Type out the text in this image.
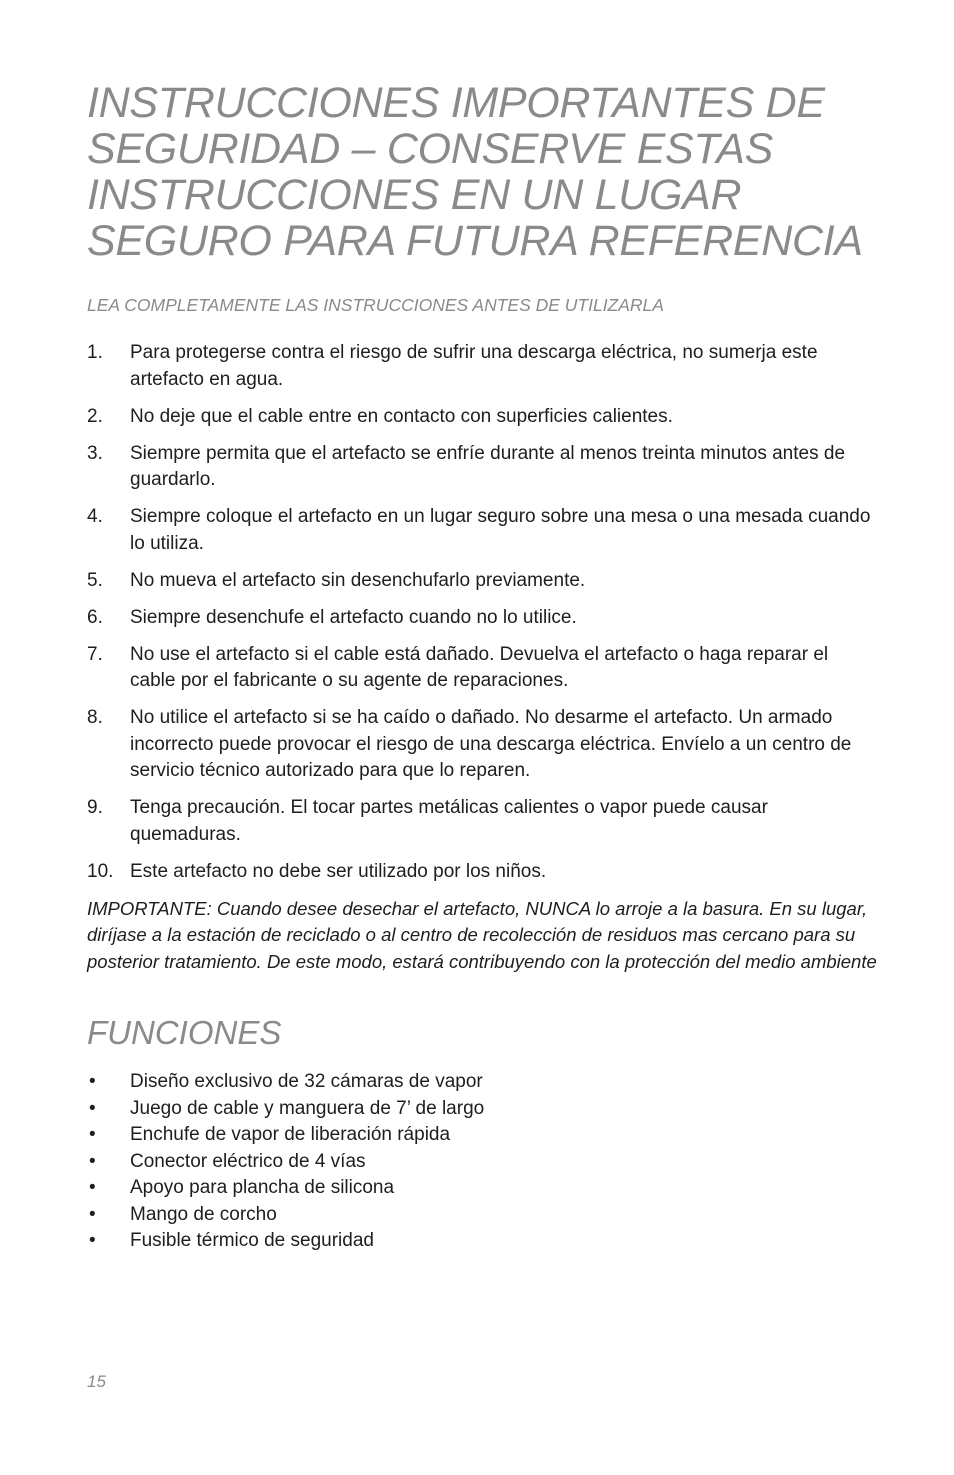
INSTRUCCIONES IMPORTANTES DE SEGURIDAD – CONSERVE ESTAS INSTRUCCIONES EN UN LUGAR SEGURO PARA FUTURA REFERENCIA

LEA COMPLETAMENTE LAS INSTRUCCIONES ANTES DE UTILIZARLA

1.	Para protegerse contra el riesgo de sufrir una descarga eléctrica, no sumerja este artefacto en agua.
2.	No deje que el cable entre en contacto con superficies calientes.
3.	Siempre permita que el artefacto se enfríe durante al menos treinta minutos antes de guardarlo.
4.	Siempre coloque el artefacto en un lugar seguro sobre una mesa o una mesada cuando lo utiliza.
5.	No mueva el artefacto sin desenchufarlo previamente.
6.	Siempre desenchufe el artefacto cuando no lo utilice.
7.	No use el artefacto si el cable está dañado. Devuelva el artefacto o haga reparar el cable por el fabricante o su agente de reparaciones.
8.	No utilice el artefacto si se ha caído o dañado. No desarme el artefacto. Un armado incorrecto puede provocar el riesgo de una descarga eléctrica. Envíelo a un centro de servicio técnico autorizado para que lo reparen.
9.	Tenga precaución. El tocar partes metálicas calientes o vapor puede causar quemaduras.
10. Este artefacto no debe ser utilizado por los niños.

IMPORTANTE: Cuando desee desechar el artefacto, NUNCA lo arroje a la basura. En su lugar, diríjase a la estación de reciclado o al centro de recolección de residuos mas cercano para su posterior tratamiento. De este modo, estará contribuyendo con la protección del medio ambiente

FUNCIONES
•	Diseño exclusivo de 32 cámaras de vapor
•	Juego de cable y manguera de 7’ de largo
•	Enchufe de vapor de liberación rápida
•	Conector eléctrico de 4 vías
•	Apoyo para plancha de silicona
•	Mango de corcho
•	Fusible térmico de seguridad
15
